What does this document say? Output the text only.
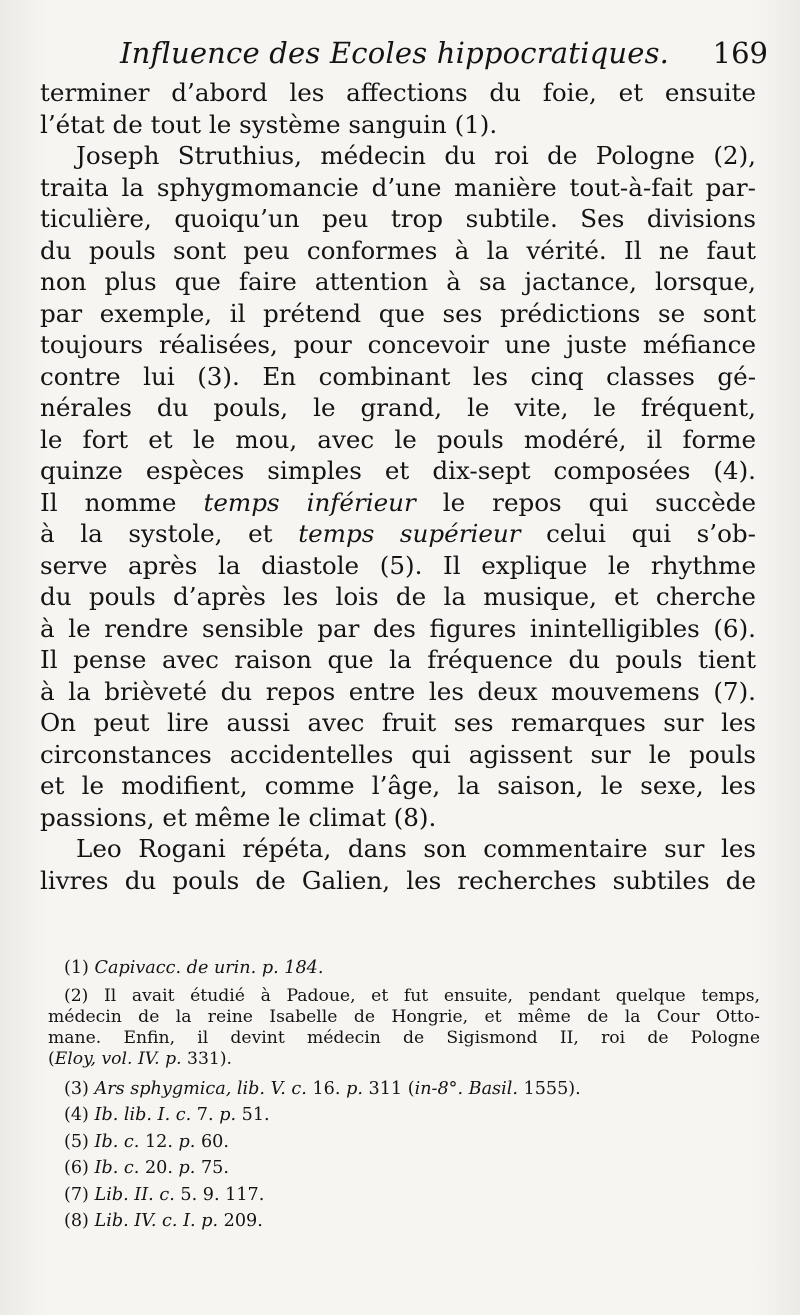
Influence des Ecoles hippocratiques. 169
terminer d’abord les affections du foie, et ensuite
l’état de tout le système sanguin (1).
Joseph Struthius, médecin du roi de Pologne (2),
traita la sphygmomancie d’une manière tout-à-fait par-
ticulière, quoiqu’un peu trop subtile. Ses divisions
du pouls sont peu conformes à la vérité. Il ne faut
non plus que faire attention à sa jactance, lorsque,
par exemple, il prétend que ses prédictions se sont
toujours réalisées, pour concevoir une juste méfiance
contre lui (3). En combinant les cinq classes gé-
nérales du pouls, le grand, le vite, le fréquent,
le fort et le mou, avec le pouls modéré, il forme
quinze espèces simples et dix-sept composées (4).
Il nomme temps inférieur le repos qui succède
à la systole, et temps supérieur celui qui s’ob-
serve après la diastole (5). Il explique le rhythme
du pouls d’après les lois de la musique, et cherche
à le rendre sensible par des figures inintelligibles (6).
Il pense avec raison que la fréquence du pouls tient
à la brièveté du repos entre les deux mouvemens (7).
On peut lire aussi avec fruit ses remarques sur les
circonstances accidentelles qui agissent sur le pouls
et le modifient, comme l’âge, la saison, le sexe, les
passions, et même le climat (8).
Leo Rogani répéta, dans son commentaire sur les
livres du pouls de Galien, les recherches subtiles de
(1) Capivacc. de urin. p. 184.
(2) Il avait étudié à Padoue, et fut ensuite, pendant quelque temps,
médecin de la reine Isabelle de Hongrie, et même de la Cour Otto-
mane. Enfin, il devint médecin de Sigismond II, roi de Pologne
(Eloy, vol. IV. p. 331).
(3) Ars sphygmica, lib. V. c. 16. p. 311 (in-8°. Basil. 1555).
(4) Ib. lib. I. c. 7. p. 51.
(5) Ib. c. 12. p. 60.
(6) Ib. c. 20. p. 75.
(7) Lib. II. c. 5. 9. 117.
(8) Lib. IV. c. I. p. 209.
